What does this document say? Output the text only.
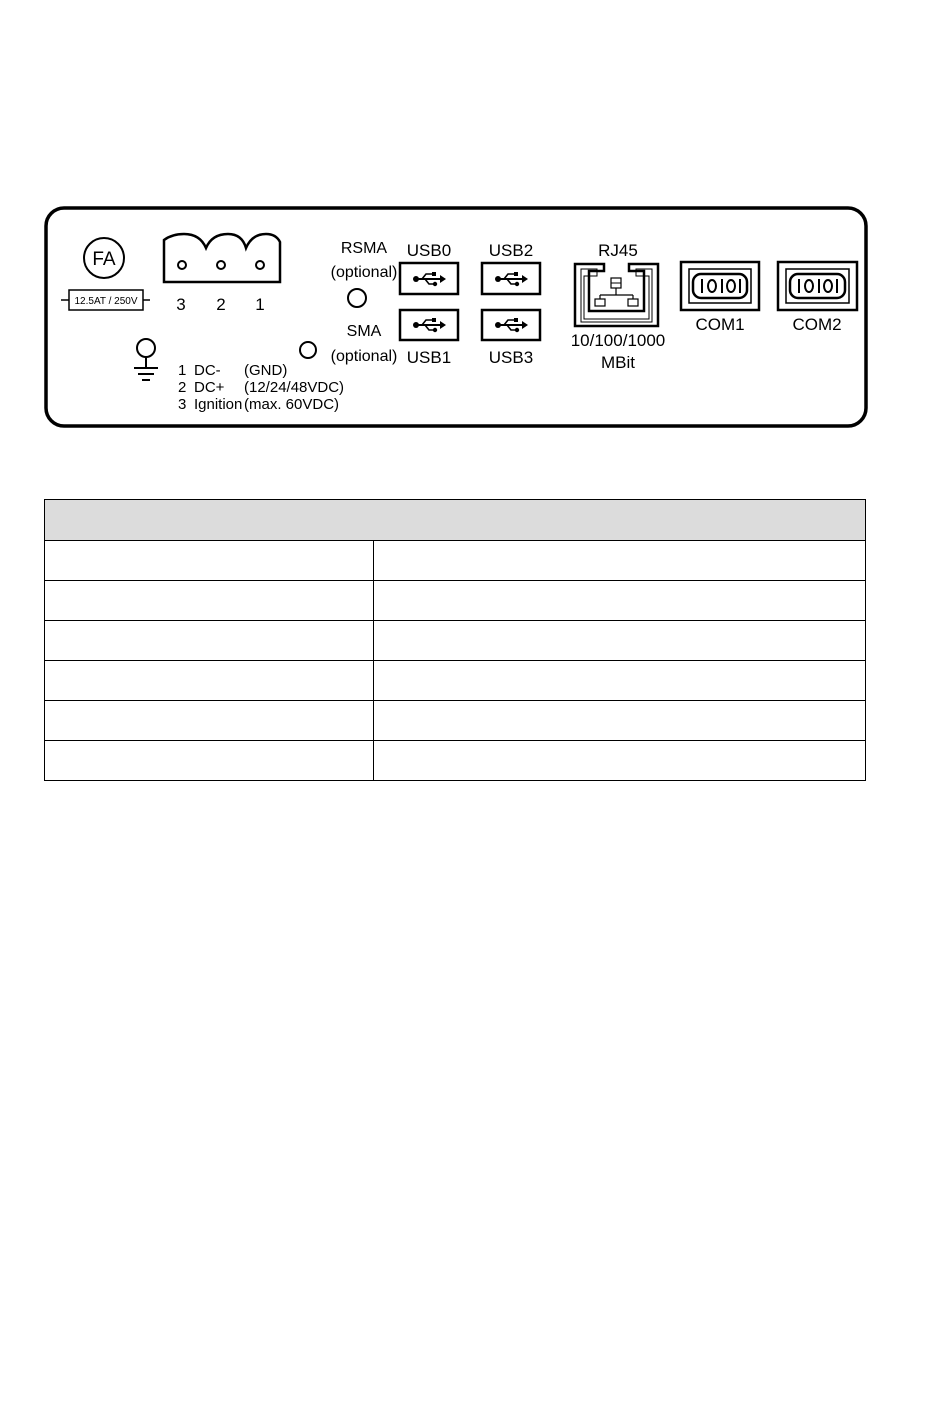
FA
12.5AT / 250V 3 2 1
1 DC- (GND)
2 DC+ (12/24/48VDC)
3 Ignition (max. 60VDC)
RSMA
(optional)
SMA
(optional)
USB0
USB1
USB2
USB3
RJ45
10/100/1000
MBit
COM1	COM2
